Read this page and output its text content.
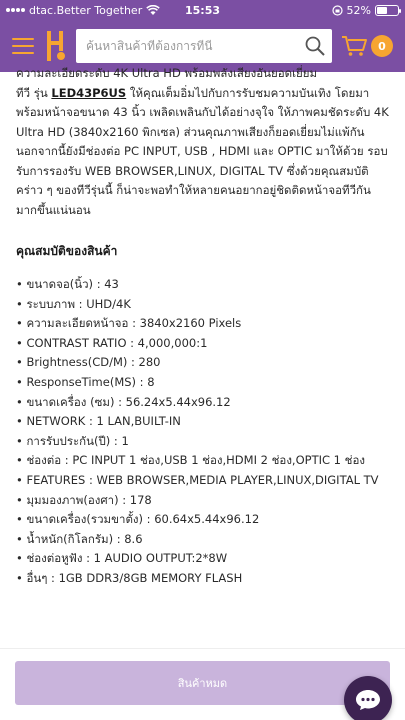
dtac.Better Together	15:53	52%
ค้นหาสินค้าที่ต้องการที่นี่
0

ความละเอียดระดับ 4K Ultra HD พร้อมพลังเสียงอันยอดเยี่ยม
ทีวี รุ่น LED43P6US ให้คุณเต็มอิ่มไปกับการรับชมความบันเทิง โดยมาพร้อมหน้าจอขนาด 43 นิ้ว เพลิดเพลินกับได้อย่างจุใจ ให้ภาพคมชัดระดับ 4K Ultra HD (3840x2160 พิกเซล) ส่วนคุณภาพเสียงก็ยอดเยี่ยมไม่แพ้กัน นอกจากนี้ยังมีช่องต่อ PC INPUT, USB , HDMI และ OPTIC มาให้ด้วย รอบรับการรองรับ WEB BROWSER,LINUX, DIGITAL TV ซึ่งด้วยคุณสมบัติคร่าว ๆ ของทีวีรุ่นนี้ ก็น่าจะพอทำให้หลายคนอยากอยู่ชิดติดหน้าจอทีวีกันมากขึ้นแน่นอน

คุณสมบัติของสินค้า
• ขนาดจอ(นิ้ว) : 43
• ระบบภาพ : UHD/4K
• ความละเอียดหน้าจอ : 3840x2160 Pixels
• CONTRAST RATIO : 4,000,000:1
• Brightness(CD/M) : 280
• ResponseTime(MS) : 8
• ขนาดเครื่อง (ซม) : 56.24x5.44x96.12
• NETWORK : 1 LAN,BUILT-IN
• การรับประกัน(ปี) : 1
• ช่องต่อ : PC INPUT 1 ช่อง,USB 1 ช่อง,HDMI 2 ช่อง,OPTIC 1 ช่อง
• FEATURES : WEB BROWSER,MEDIA PLAYER,LINUX,DIGITAL TV
• มุมมองภาพ(องศา) : 178
• ขนาดเครื่อง(รวมขาตั้ง) : 60.64x5.44x96.12
• น้ำหนัก(กิโลกรัม) : 8.6
• ช่องต่อหูฟัง : 1 AUDIO OUTPUT:2*8W
• อื่นๆ : 1GB DDR3/8GB MEMORY FLASH
สินค้าหมด
